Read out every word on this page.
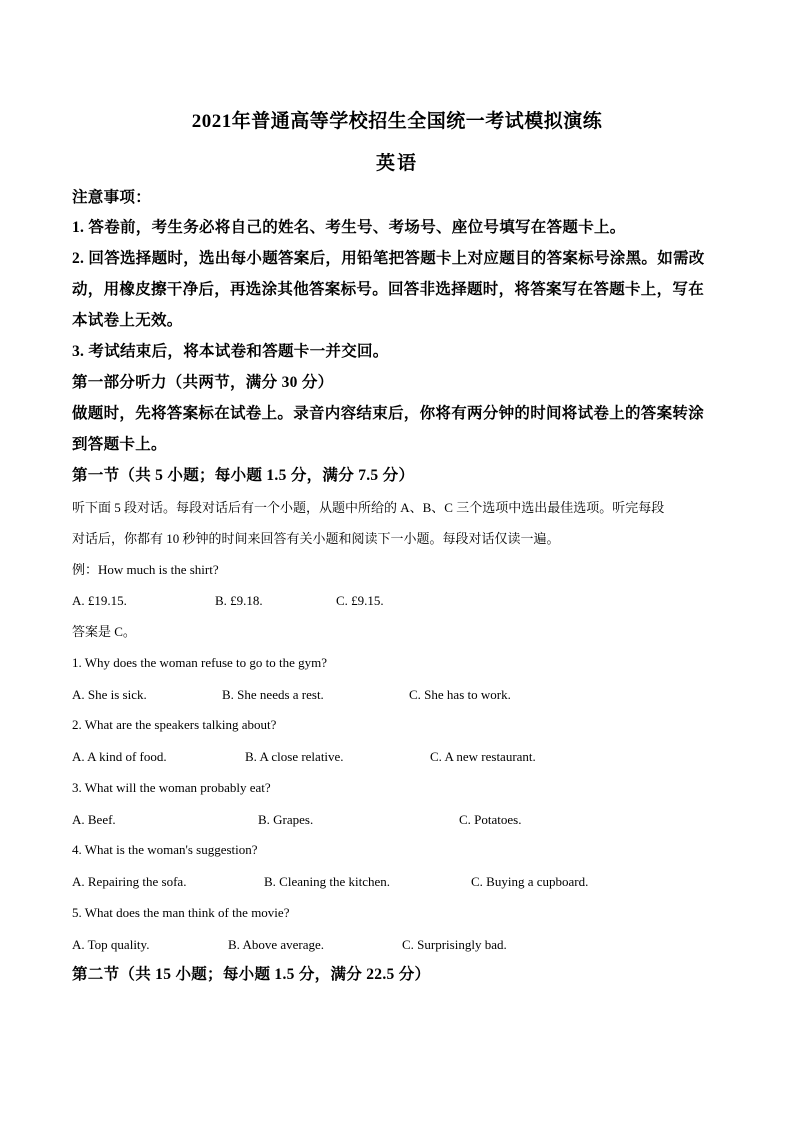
2021年普通高等学校招生全国统一考试模拟演练
英语
注意事项：
1. 答卷前，考生务必将自己的姓名、考生号、考场号、座位号填写在答题卡上。
2. 回答选择题时，选出每小题答案后，用铅笔把答题卡上对应题目的答案标号涂黑。如需改
动，用橡皮擦干净后，再选涂其他答案标号。回答非选择题时，将答案写在答题卡上，写在
本试卷上无效。
3. 考试结束后，将本试卷和答题卡一并交回。
第一部分听力（共两节，满分 30 分）
做题时，先将答案标在试卷上。录音内容结束后，你将有两分钟的时间将试卷上的答案转涂
到答题卡上。
第一节（共 5 小题；每小题 1.5 分，满分 7.5 分）
听下面 5 段对话。每段对话后有一个小题，从题中所给的 A、B、C 三个选项中选出最佳选项。听完每段
对话后，你都有 10 秒钟的时间来回答有关小题和阅读下一小题。每段对话仅读一遍。
例：How much is the shirt?
A. £19.15.	B. £9.18.	C. £9.15.
答案是 C。
1. Why does the woman refuse to go to the gym?
A. She is sick.	B. She needs a rest.	C. She has to work.
2. What are the speakers talking about?
A. A kind of food.	B. A close relative.	C. A new restaurant.
3. What will the woman probably eat?
A. Beef.	B. Grapes.	C. Potatoes.
4. What is the woman's suggestion?
A. Repairing the sofa.	B. Cleaning the kitchen.	C. Buying a cupboard.
5. What does the man think of the movie?
A. Top quality.	B. Above average.	C. Surprisingly bad.
第二节（共 15 小题；每小题 1.5 分，满分 22.5 分）
